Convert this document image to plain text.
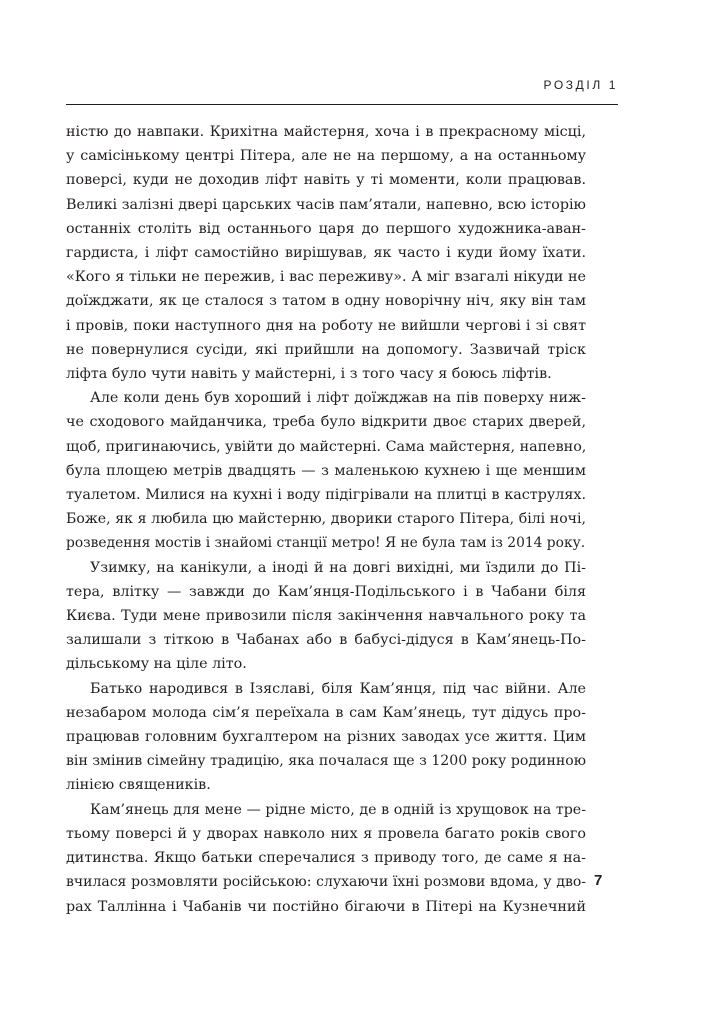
РОЗДІЛ 1
ністю до навпаки. Крихітна майстерня, хоча і в прекрасному місці,
у самісінькому центрі Пітера, але не на першому, а на останньому
поверсі, куди не доходив ліфт навіть у ті моменти, коли працював.
Великі залізні двері царських часів пам’ятали, напевно, всю історію
останніх століть від останнього царя до першого художника-аван-
гардиста, і ліфт самостійно вирішував, як часто і куди йому їхати.
«Кого я тільки не пережив, і вас переживу». А міг взагалі нікуди не
доїжджати, як це сталося з татом в одну новорічну ніч, яку він там
і провів, поки наступного дня на роботу не вийшли чергові і зі свят
не повернулися сусіди, які прийшли на допомогу. Зазвичай тріск
ліфта було чути навіть у майстерні, і з того часу я боюсь ліфтів.
Але коли день був хороший і ліфт доїжджав на пів поверху ниж-
че сходового майданчика, треба було відкрити двоє старих дверей,
щоб, пригинаючись, увійти до майстерні. Сама майстерня, напевно,
була площею метрів двадцять — з маленькою кухнею і ще меншим
туалетом. Милися на кухні і воду підігрівали на плитці в каструлях.
Боже, як я любила цю майстерню, дворики старого Пітера, білі ночі,
розведення мостів і знайомі станції метро! Я не була там із 2014 року.
Узимку, на канікули, а іноді й на довгі вихідні, ми їздили до Пі-
тера, влітку — завжди до Кам’янця-Подільського і в Чабани біля
Києва. Туди мене привозили після закінчення навчального року та
залишали з тіткою в Чабанах або в бабусі-дідуся в Кам’янець-По-
дільському на ціле літо.
Батько народився в Ізяславі, біля Кам’янця, під час війни. Але
незабаром молода сім’я переїхала в сам Кам’янець, тут дідусь про-
працював головним бухгалтером на різних заводах усе життя. Цим
він змінив сімейну традицію, яка почалася ще з 1200 року родинною
лінією священиків.
Кам’янець для мене — рідне місто, де в одній із хрущовок на тре-
тьому поверсі й у дворах навколо них я провела багато років свого
дитинства. Якщо батьки сперечалися з приводу того, де саме я на-
вчилася розмовляти російською: слухаючи їхні розмови вдома, у дво-
рах Таллінна і Чабанів чи постійно бігаючи в Пітері на Кузнечний
7
